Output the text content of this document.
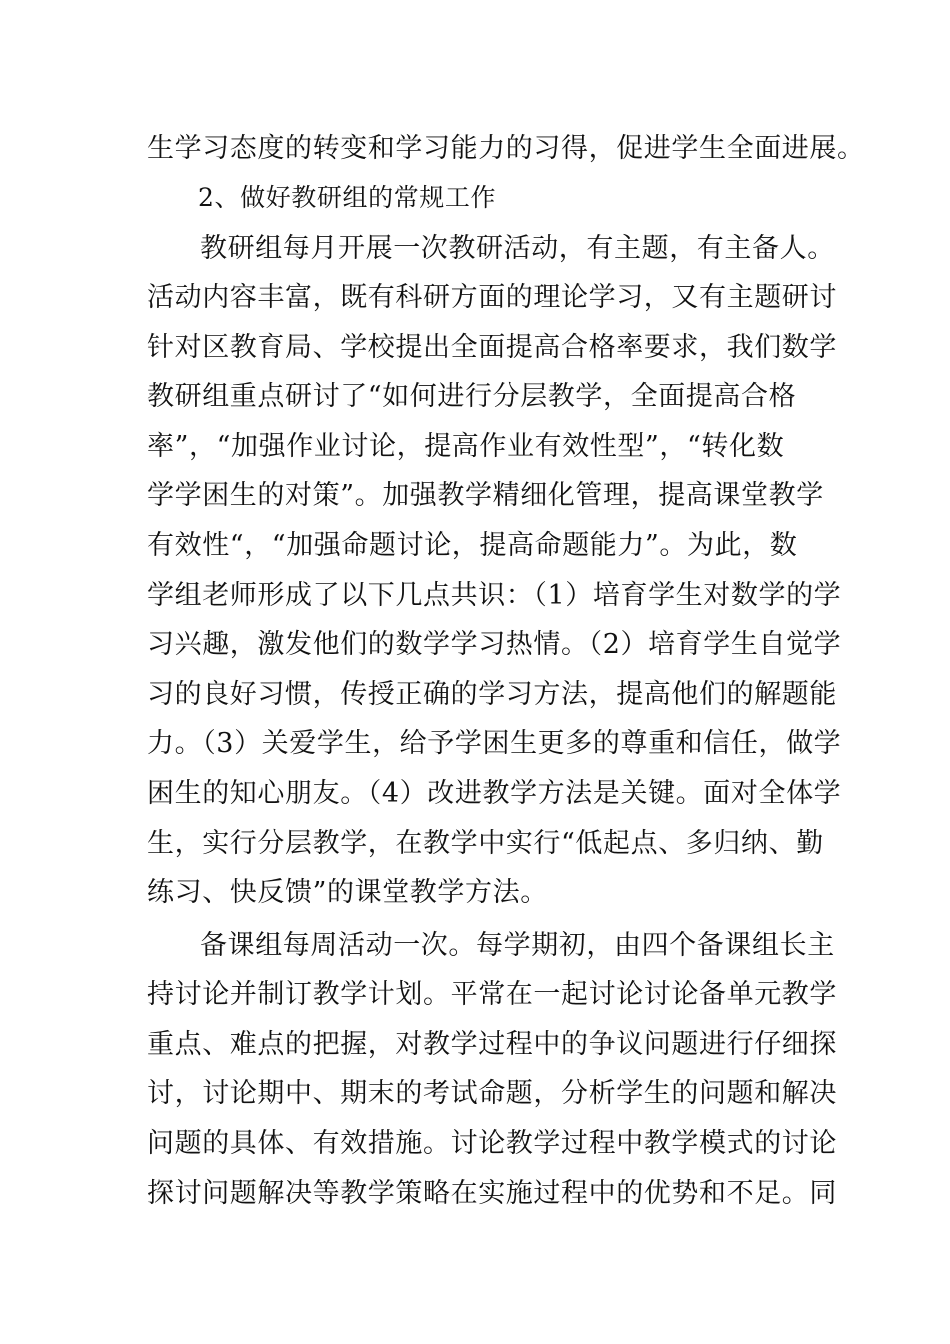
生学习态度的转变和学习能力的习得，促进学生全面进展。
2、做好教研组的常规工作
教研组每月开展一次教研活动，有主题，有主备人。
活动内容丰富，既有科研方面的理论学习，又有主题研讨
针对区教育局、学校提出全面提高合格率要求，我们数学
教研组重点研讨了“如何进行分层教学，全面提高合格
率”，“加强作业讨论，提高作业有效性型”，“转化数
学学困生的对策”。加强教学精细化管理，提高课堂教学
有效性“，“加强命题讨论，提高命题能力”。为此，数
学组老师形成了以下几点共识：（1）培育学生对数学的学
习兴趣，激发他们的数学学习热情。（2）培育学生自觉学
习的良好习惯，传授正确的学习方法，提高他们的解题能
力。（3）关爱学生，给予学困生更多的尊重和信任，做学
困生的知心朋友。（4）改进教学方法是关键。面对全体学
生，实行分层教学，在教学中实行“低起点、多归纳、勤
练习、快反馈”的课堂教学方法。
备课组每周活动一次。每学期初，由四个备课组长主
持讨论并制订教学计划。平常在一起讨论讨论备单元教学
重点、难点的把握，对教学过程中的争议问题进行仔细探
讨，讨论期中、期末的考试命题，分析学生的问题和解决
问题的具体、有效措施。讨论教学过程中教学模式的讨论
探讨问题解决等教学策略在实施过程中的优势和不足。同
